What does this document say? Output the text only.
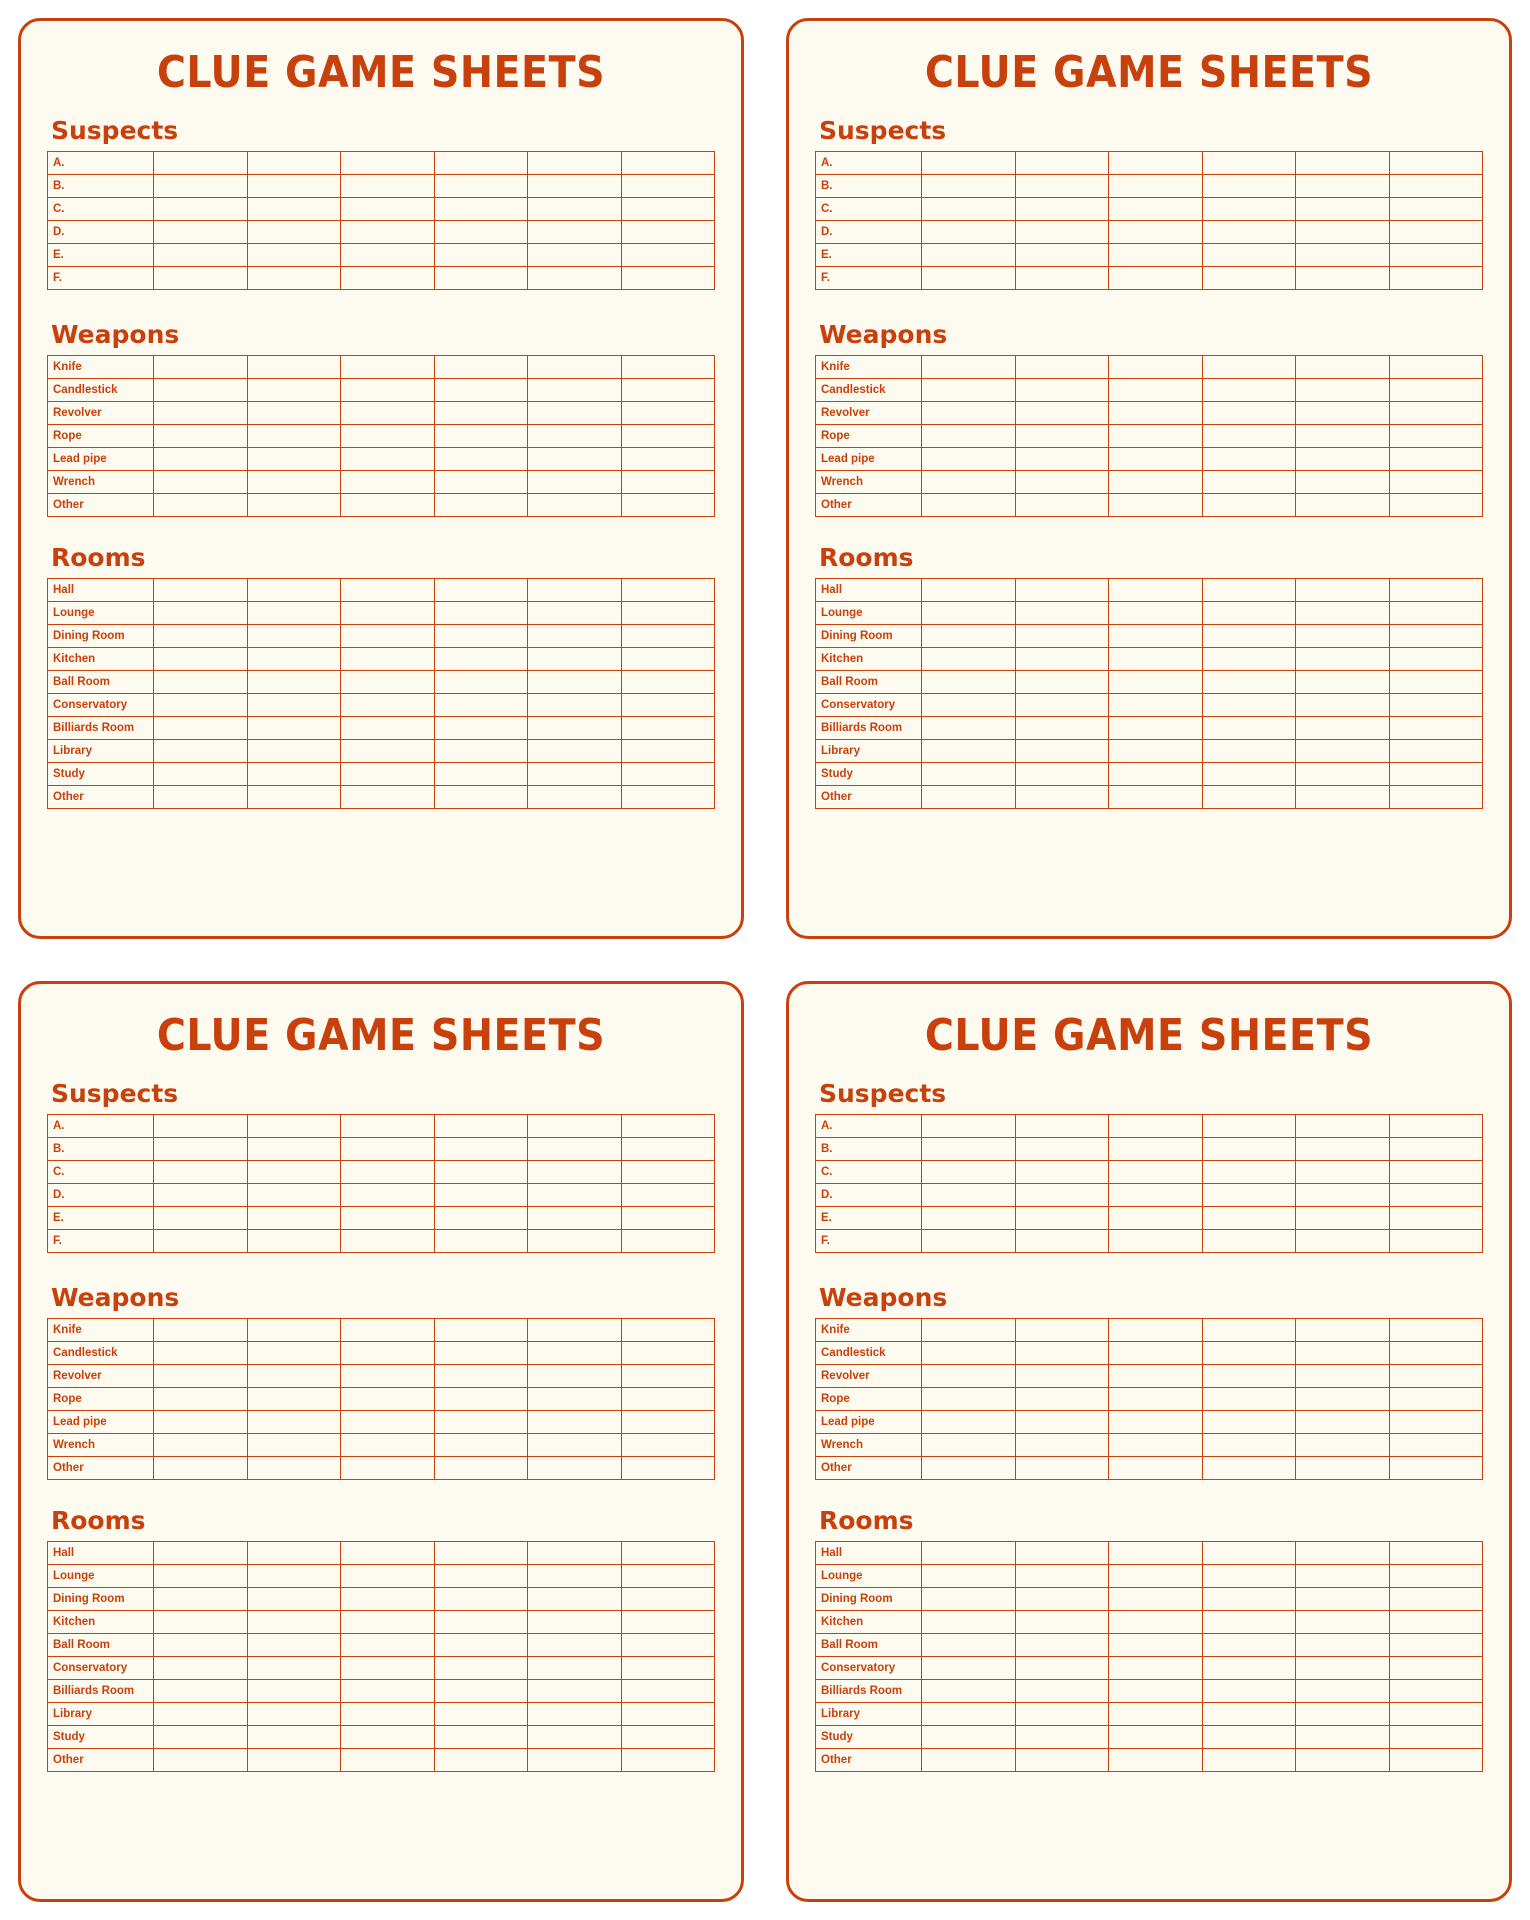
CLUE GAME SHEETS
Suspects
A.						
B.						
C.						
D.						
E.						
F.						
Weapons
Knife						
Candlestick						
Revolver						
Rope						
Lead pipe						
Wrench						
Other						
Rooms
Hall						
Lounge						
Dining Room						
Kitchen						
Ball Room						
Conservatory						
Billiards Room						
Library						
Study						
Other						
CLUE GAME SHEETS
Suspects
A.						
B.						
C.						
D.						
E.						
F.						
Weapons
Knife						
Candlestick						
Revolver						
Rope						
Lead pipe						
Wrench						
Other						
Rooms
Hall						
Lounge						
Dining Room						
Kitchen						
Ball Room						
Conservatory						
Billiards Room						
Library						
Study						
Other						
CLUE GAME SHEETS
Suspects
A.						
B.						
C.						
D.						
E.						
F.						
Weapons
Knife						
Candlestick						
Revolver						
Rope						
Lead pipe						
Wrench						
Other						
Rooms
Hall						
Lounge						
Dining Room						
Kitchen						
Ball Room						
Conservatory						
Billiards Room						
Library						
Study						
Other						
CLUE GAME SHEETS
Suspects
A.						
B.						
C.						
D.						
E.						
F.						
Weapons
Knife						
Candlestick						
Revolver						
Rope						
Lead pipe						
Wrench						
Other						
Rooms
Hall						
Lounge						
Dining Room						
Kitchen						
Ball Room						
Conservatory						
Billiards Room						
Library						
Study						
Other						
